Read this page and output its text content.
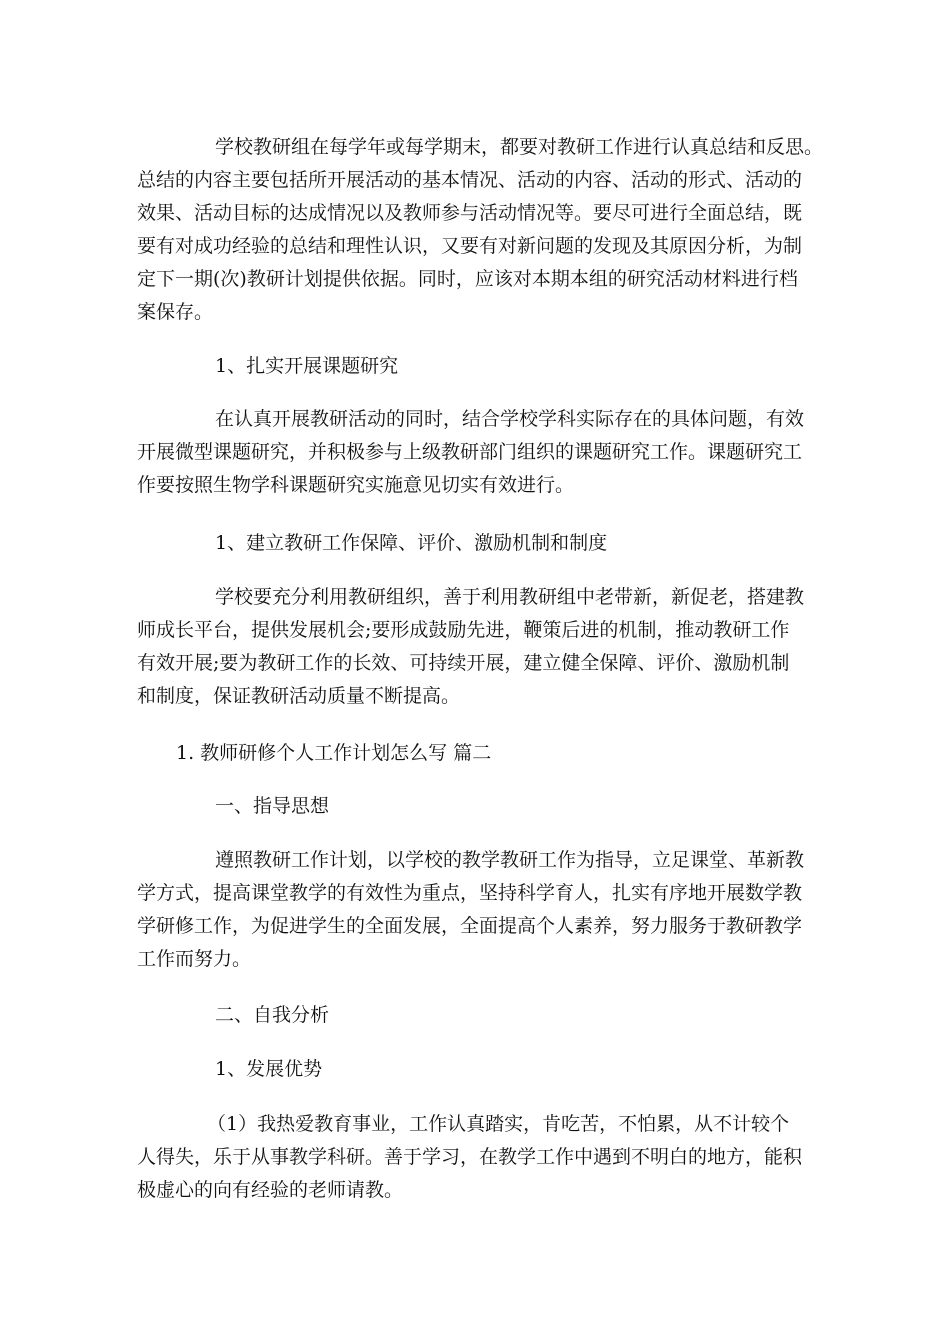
学校教研组在每学年或每学期末，都要对教研工作进行认真总结和反思。
总结的内容主要包括所开展活动的基本情况、活动的内容、活动的形式、活动的
效果、活动目标的达成情况以及教师参与活动情况等。要尽可进行全面总结，既
要有对成功经验的总结和理性认识，又要有对新问题的发现及其原因分析，为制
定下一期(次)教研计划提供依据。同时，应该对本期本组的研究活动材料进行档
案保存。
1、扎实开展课题研究
在认真开展教研活动的同时，结合学校学科实际存在的具体问题，有效
开展微型课题研究，并积极参与上级教研部门组织的课题研究工作。课题研究工
作要按照生物学科课题研究实施意见切实有效进行。
1、建立教研工作保障、评价、激励机制和制度
学校要充分利用教研组织，善于利用教研组中老带新，新促老，搭建教
师成长平台，提供发展机会;要形成鼓励先进，鞭策后进的机制，推动教研工作
有效开展;要为教研工作的长效、可持续开展，建立健全保障、评价、激励机制
和制度，保证教研活动质量不断提高。
1. 教师研修个人工作计划怎么写 篇二
一、指导思想
遵照教研工作计划，以学校的教学教研工作为指导，立足课堂、革新教
学方式，提高课堂教学的有效性为重点，坚持科学育人，扎实有序地开展数学教
学研修工作，为促进学生的全面发展，全面提高个人素养，努力服务于教研教学
工作而努力。
二、自我分析
1、发展优势
（1）我热爱教育事业，工作认真踏实，肯吃苦，不怕累，从不计较个
人得失，乐于从事教学科研。善于学习，在教学工作中遇到不明白的地方，能积
极虚心的向有经验的老师请教。
